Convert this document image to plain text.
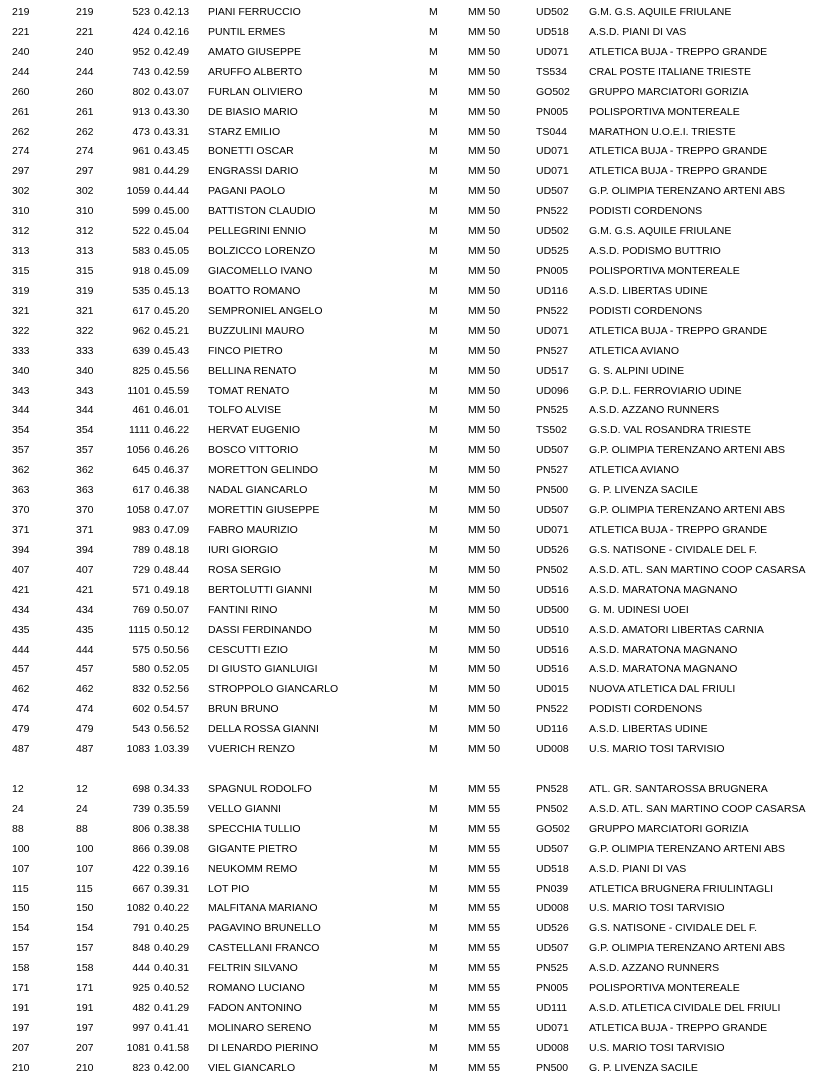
219	219	523 0.42.13 PIANI FERRUCCIO	M	MM 50	UD502 G.M. G.S. AQUILE FRIULANE
221	221	424 0.42.16 PUNTIL ERMES	M	MM 50	UD518 A.S.D. PIANI DI VAS
240	240	952 0.42.49 AMATO GIUSEPPE	M	MM 50	UD071 ATLETICA BUJA - TREPPO GRANDE
244	244	743 0.42.59 ARUFFO ALBERTO	M	MM 50	TS534 CRAL POSTE ITALIANE TRIESTE
260	260	802 0.43.07 FURLAN OLIVIERO	M	MM 50	GO502 GRUPPO MARCIATORI GORIZIA
261	261	913 0.43.30 DE BIASIO MARIO	M	MM 50	PN005 POLISPORTIVA MONTEREALE
262	262	473 0.43.31 STARZ EMILIO	M	MM 50	TS044 MARATHON U.O.E.I. TRIESTE
274	274	961 0.43.45 BONETTI OSCAR	M	MM 50	UD071 ATLETICA BUJA - TREPPO GRANDE
297	297	981 0.44.29 ENGRASSI DARIO	M	MM 50	UD071 ATLETICA BUJA - TREPPO GRANDE
302	302	1059 0.44.44 PAGANI PAOLO	M	MM 50	UD507 G.P. OLIMPIA TERENZANO ARTENI ABS
310	310	599 0.45.00 BATTISTON CLAUDIO	M	MM 50	PN522 PODISTI CORDENONS
312	312	522 0.45.04 PELLEGRINI ENNIO	M	MM 50	UD502 G.M. G.S. AQUILE FRIULANE
313	313	583 0.45.05 BOLZICCO LORENZO	M	MM 50	UD525 A.S.D. PODISMO BUTTRIO
315	315	918 0.45.09 GIACOMELLO IVANO	M	MM 50	PN005 POLISPORTIVA MONTEREALE
319	319	535 0.45.13 BOATTO ROMANO	M	MM 50	UD116 A.S.D. LIBERTAS UDINE
321	321	617 0.45.20 SEMPRONIEL ANGELO	M	MM 50	PN522 PODISTI CORDENONS
322	322	962 0.45.21 BUZZULINI MAURO	M	MM 50	UD071 ATLETICA BUJA - TREPPO GRANDE
333	333	639 0.45.43 FINCO PIETRO	M	MM 50	PN527 ATLETICA AVIANO
340	340	825 0.45.56 BELLINA RENATO	M	MM 50	UD517 G. S. ALPINI UDINE
343	343	1101 0.45.59 TOMAT RENATO	M	MM 50	UD096 G.P. D.L. FERROVIARIO UDINE
344	344	461 0.46.01 TOLFO ALVISE	M	MM 50	PN525 A.S.D. AZZANO RUNNERS
354	354	1111 0.46.22 HERVAT EUGENIO	M	MM 50	TS502 G.S.D. VAL ROSANDRA TRIESTE
357	357	1056 0.46.26 BOSCO VITTORIO	M	MM 50	UD507 G.P. OLIMPIA TERENZANO ARTENI ABS
362	362	645 0.46.37 MORETTON GELINDO	M	MM 50	PN527 ATLETICA AVIANO
363	363	617 0.46.38 NADAL GIANCARLO	M	MM 50	PN500 G. P. LIVENZA SACILE
370	370	1058 0.47.07 MORETTIN GIUSEPPE	M	MM 50	UD507 G.P. OLIMPIA TERENZANO ARTENI ABS
371	371	983 0.47.09 FABRO MAURIZIO	M	MM 50	UD071 ATLETICA BUJA - TREPPO GRANDE
394	394	789 0.48.18 IURI GIORGIO	M	MM 50	UD526 G.S. NATISONE - CIVIDALE DEL F.
407	407	729 0.48.44 ROSA SERGIO	M	MM 50	PN502 A.S.D. ATL. SAN MARTINO COOP CASARSA
421	421	571 0.49.18 BERTOLUTTI GIANNI	M	MM 50	UD516 A.S.D. MARATONA MAGNANO
434	434	769 0.50.07 FANTINI RINO	M	MM 50	UD500 G. M. UDINESI UOEI
435	435	1115 0.50.12 DASSI FERDINANDO	M	MM 50	UD510 A.S.D. AMATORI LIBERTAS CARNIA
444	444	575 0.50.56 CESCUTTI EZIO	M	MM 50	UD516 A.S.D. MARATONA MAGNANO
457	457	580 0.52.05 DI GIUSTO GIANLUIGI	M	MM 50	UD516 A.S.D. MARATONA MAGNANO
462	462	832 0.52.56 STROPPOLO GIANCARLO	M	MM 50	UD015 NUOVA ATLETICA DAL FRIULI
474	474	602 0.54.57 BRUN BRUNO	M	MM 50	PN522 PODISTI CORDENONS
479	479	543 0.56.52 DELLA ROSSA GIANNI	M	MM 50	UD116 A.S.D. LIBERTAS UDINE
487	487	1083 1.03.39 VUERICH RENZO	M	MM 50	UD008 U.S. MARIO TOSI TARVISIO
12	12	698 0.34.33 SPAGNUL RODOLFO	M	MM 55	PN528 ATL. GR. SANTAROSSA BRUGNERA
24	24	739 0.35.59 VELLO GIANNI	M	MM 55	PN502 A.S.D. ATL. SAN MARTINO COOP CASARSA
88	88	806 0.38.38 SPECCHIA TULLIO	M	MM 55	GO502 GRUPPO MARCIATORI GORIZIA
100	100	866 0.39.08 GIGANTE PIETRO	M	MM 55	UD507 G.P. OLIMPIA TERENZANO ARTENI ABS
107	107	422 0.39.16 NEUKOMM REMO	M	MM 55	UD518 A.S.D. PIANI DI VAS
115	115	667 0.39.31 LOT PIO	M	MM 55	PN039 ATLETICA BRUGNERA FRIULINTAGLI
150	150	1082 0.40.22 MALFITANA MARIANO	M	MM 55	UD008 U.S. MARIO TOSI TARVISIO
154	154	791 0.40.25 PAGAVINO BRUNELLO	M	MM 55	UD526 G.S. NATISONE - CIVIDALE DEL F.
157	157	848 0.40.29 CASTELLANI FRANCO	M	MM 55	UD507 G.P. OLIMPIA TERENZANO ARTENI ABS
158	158	444 0.40.31 FELTRIN SILVANO	M	MM 55	PN525 A.S.D. AZZANO RUNNERS
171	171	925 0.40.52 ROMANO LUCIANO	M	MM 55	PN005 POLISPORTIVA MONTEREALE
191	191	482 0.41.29 FADON ANTONINO	M	MM 55	UD111 A.S.D. ATLETICA CIVIDALE DEL FRIULI
197	197	997 0.41.41 MOLINARO SERENO	M	MM 55	UD071 ATLETICA BUJA - TREPPO GRANDE
207	207	1081 0.41.58 DI LENARDO PIERINO	M	MM 55	UD008 U.S. MARIO TOSI TARVISIO
210	210	823 0.42.00 VIEL GIANCARLO	M	MM 55	PN500 G. P. LIVENZA SACILE
